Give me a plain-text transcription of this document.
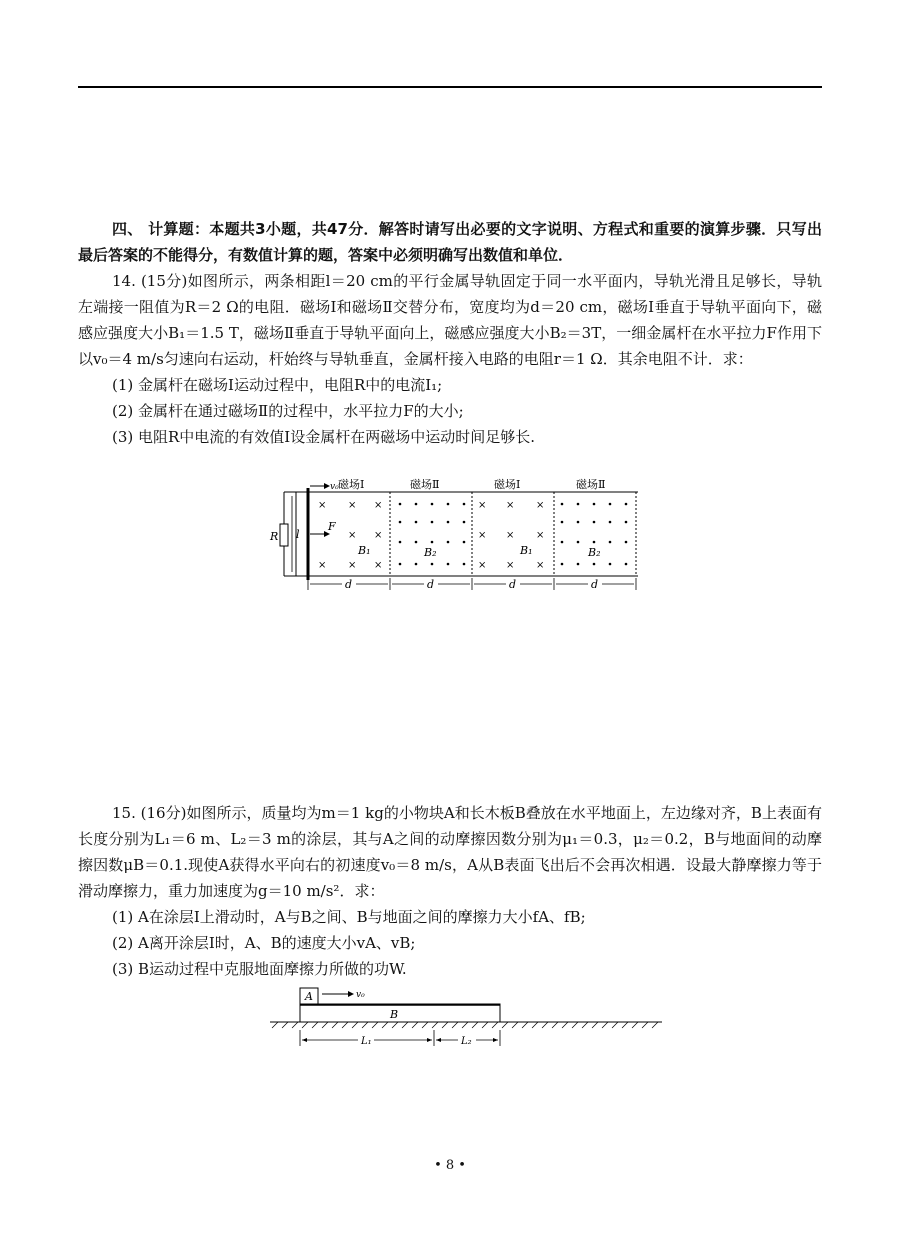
四、 计算题：本题共3小题，共47分．解答时请写出必要的文字说明、方程式和重要的演算步骤．只写出最后答案的不能得分，有数值计算的题，答案中必须明确写出数值和单位．

14. (15分)如图所示，两条相距l＝20 cm的平行金属导轨固定于同一水平面内，导轨光滑且足够长，导轨左端接一阻值为R＝2 Ω的电阻．磁场Ⅰ和磁场Ⅱ交替分布，宽度均为d＝20 cm，磁场Ⅰ垂直于导轨平面向下，磁感应强度大小B₁＝1.5 T，磁场Ⅱ垂直于导轨平面向上，磁感应强度大小B₂＝3T，一细金属杆在水平拉力F作用下以v₀＝4 m/s匀速向右运动，杆始终与导轨垂直，金属杆接入电路的电阻r＝1 Ω．其余电阻不计．求：

(1) 金属杆在磁场Ⅰ运动过程中，电阻R中的电流I₁;

(2) 金属杆在通过磁场Ⅱ的过程中，水平拉力F的大小;

(3) 电阻R中电流的有效值I设金属杆在两磁场中运动时间足够长.

R l
v₀
F
磁场Ⅰ	磁场Ⅱ	磁场Ⅰ	磁场Ⅱ
× × ×
× ×
× × ×
× × ×
× × ×
× × ×
B₁	B₂	B₁	B₂
d	d	d	d

15. (16分)如图所示，质量均为m＝1 kg的小物块A和长木板B叠放在水平地面上，左边缘对齐，B上表面有长度分别为L₁＝6 m、L₂＝3 m的涂层，其与A之间的动摩擦因数分别为μ₁＝0.3，μ₂＝0.2，B与地面间的动摩擦因数μB＝0.1.现使A获得水平向右的初速度v₀＝8 m/s，A从B表面飞出后不会再次相遇．设最大静摩擦力等于滑动摩擦力，重力加速度为g＝10 m/s²．求：

(1) A在涂层Ⅰ上滑动时，A与B之间、B与地面之间的摩擦力大小fA、fB;

(2) A离开涂层Ⅰ时，A、B的速度大小vA、vB;

(3) B运动过程中克服地面摩擦力所做的功W.

A	v₀
B
L₁	L₂
• 8 •
